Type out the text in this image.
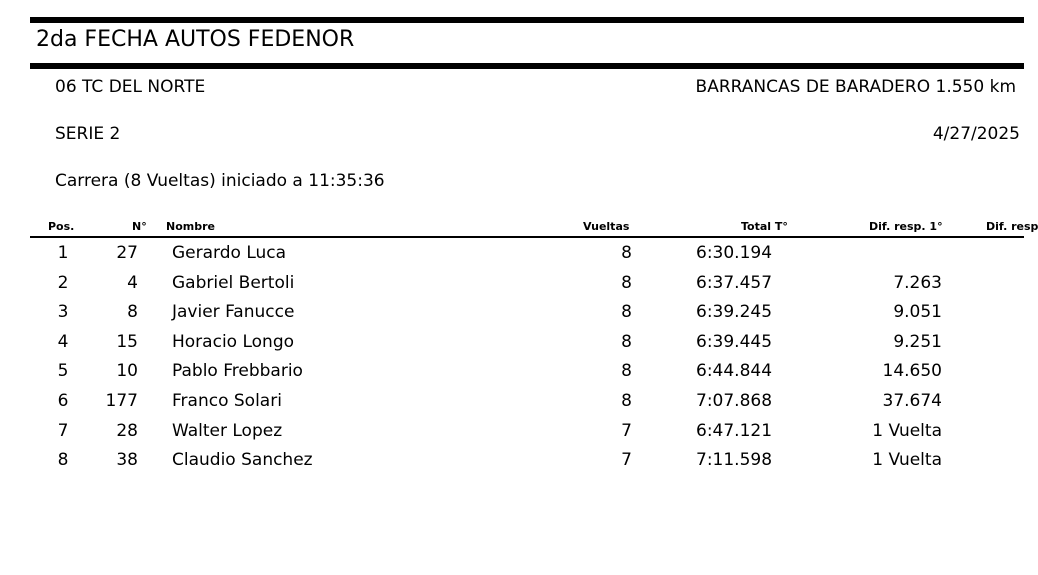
2da FECHA AUTOS FEDENOR
06 TC DEL NORTE	BARRANCAS DE BARADERO 1.550 km
SERIE 2	4/27/2025
Carrera (8 Vueltas) iniciado a 11:35:36
Pos.	N° Nombre	Vueltas	Total T°	Dif. resp. 1°	Dif. resp
1	27 Gerardo Luca	8	6:30.194
2	4 Gabriel Bertoli	8	6:37.457	7.263
3	8 Javier Fanucce	8	6:39.245	9.051
4	15 Horacio Longo	8	6:39.445	9.251
5	10 Pablo Frebbario	8	6:44.844	14.650
6	177 Franco Solari	8	7:07.868	37.674
7	28 Walter Lopez	7	6:47.121	1 Vuelta
8	38 Claudio Sanchez	7	7:11.598	1 Vuelta
